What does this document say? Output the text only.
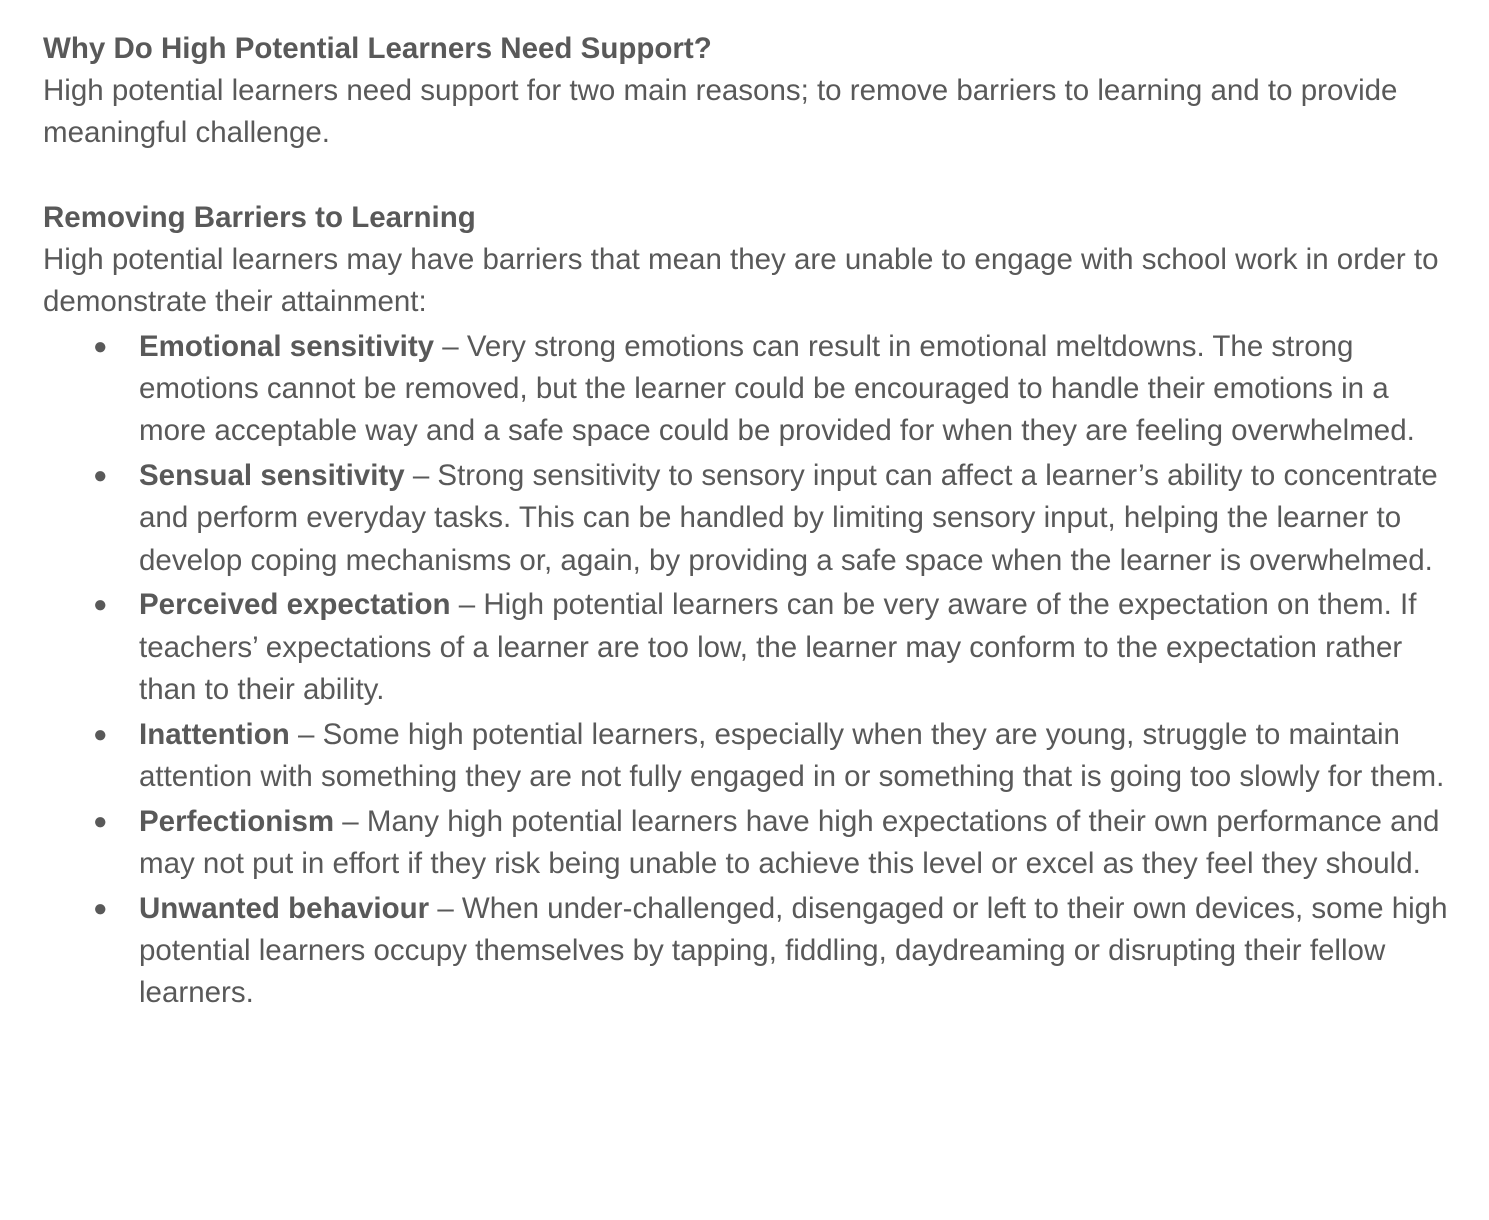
Why Do High Potential Learners Need Support?

High potential learners need support for two main reasons; to remove barriers to learning and to provide meaningful challenge.

Removing Barriers to Learning

High potential learners may have barriers that mean they are unable to engage with school work in order to demonstrate their attainment:

● Emotional sensitivity – Very strong emotions can result in emotional meltdowns. The strong emotions cannot be removed, but the learner could be encouraged to handle their emotions in a more acceptable way and a safe space could be provided for when they are feeling overwhelmed.
● Sensual sensitivity – Strong sensitivity to sensory input can affect a learner’s ability to concentrate and perform everyday tasks. This can be handled by limiting sensory input, helping the learner to develop coping mechanisms or, again, by providing a safe space when the learner is overwhelmed.
● Perceived expectation – High potential learners can be very aware of the expectation on them. If teachers’ expectations of a learner are too low, the learner may conform to the expectation rather than to their ability.
● Inattention – Some high potential learners, especially when they are young, struggle to maintain attention with something they are not fully engaged in or something that is going too slowly for them.
● Perfectionism – Many high potential learners have high expectations of their own performance and may not put in effort if they risk being unable to achieve this level or excel as they feel they should.
● Unwanted behaviour – When under-challenged, disengaged or left to their own devices, some high potential learners occupy themselves by tapping, fiddling, daydreaming or disrupting their fellow learners.
